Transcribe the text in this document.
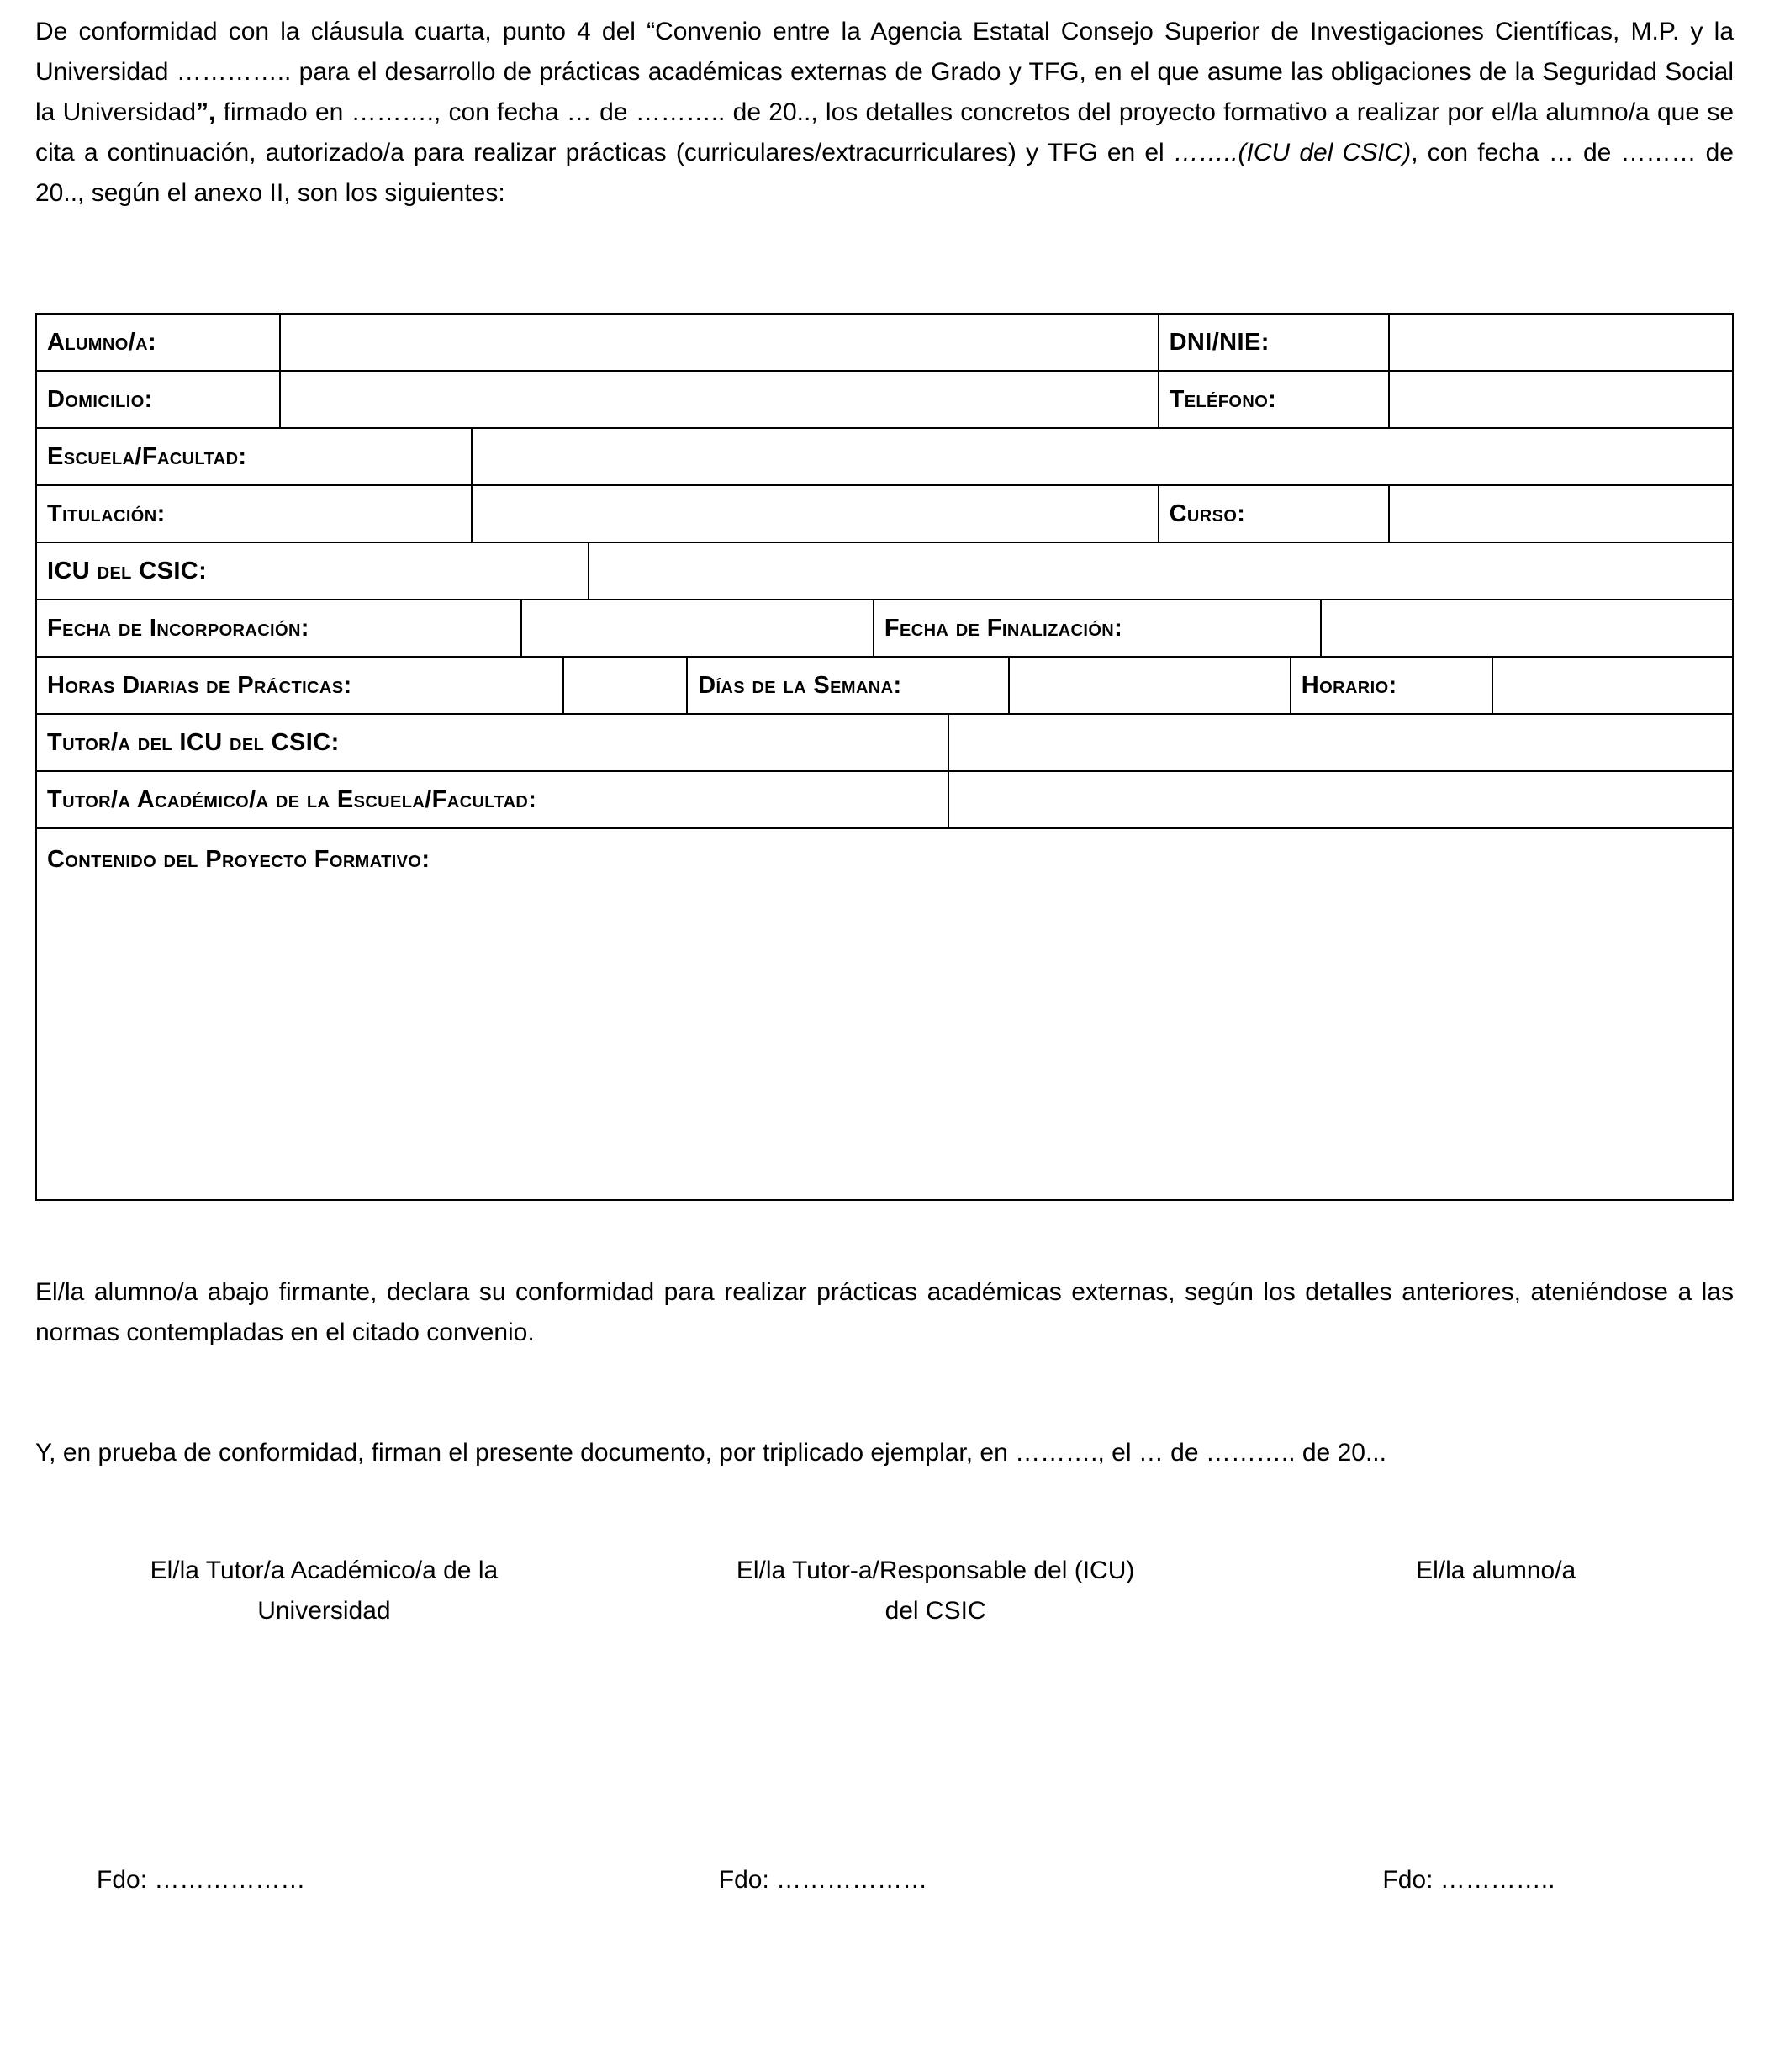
De conformidad con la cláusula cuarta, punto 4 del “Convenio entre la Agencia Estatal Consejo Superior de Investigaciones Científicas, M.P. y la Universidad ………….. para el desarrollo de prácticas académicas externas de Grado y TFG, en el que asume las obligaciones de la Seguridad Social la Universidad”, firmado en ………., con fecha … de ……….. de 20.., los detalles concretos del proyecto formativo a realizar por el/la alumno/a que se cita a continuación, autorizado/a para realizar prácticas (curriculares/extracurriculares) y TFG en el ……..(ICU del CSIC), con fecha … de ……… de 20.., según el anexo II, son los siguientes:

Alumno/a:	DNI/NIE:
Domicilio:	Teléfono:
Escuela/Facultad:
Titulación:	Curso:
ICU del CSIC:
Fecha de Incorporación:	Fecha de Finalización:
Horas Diarias de Prácticas:	Días de la Semana:	Horario:
Tutor/a del ICU del CSIC:
Tutor/a Académico/a de la Escuela/Facultad:
Contenido del Proyecto Formativo:

El/la alumno/a abajo firmante, declara su conformidad para realizar prácticas académicas externas, según los detalles anteriores, ateniéndose a las normas contempladas en el citado convenio.

Y, en prueba de conformidad, firman el presente documento, por triplicado ejemplar, en ………., el … de ……….. de 20...

El/la Tutor/a Académico/a de la
Universidad
El/la Tutor-a/Responsable del (ICU)
del CSIC
El/la alumno/a
Fdo: ………………	Fdo: ………………	Fdo: …………..
